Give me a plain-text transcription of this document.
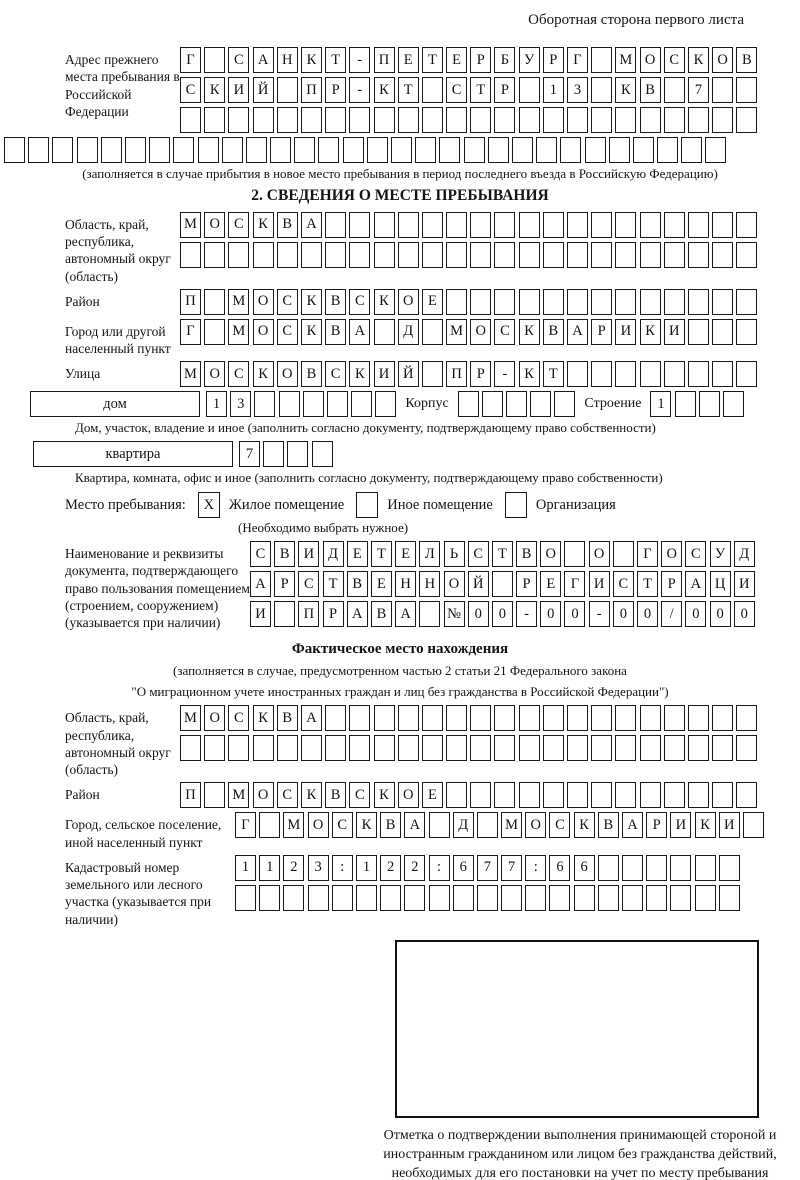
Оборотная сторона первого листа
Адрес прежнего места пребывания в Российской Федерации
Г	С А Н К	Т	-	П	Е	Т	Е	Р	Б	У	Р	Г	М О С	К О В
С	К И Й	П	Р	-	К	Т	С	Т	Р	1	3	К	В	7
(заполняется в случае прибытия в новое место пребывания в период последнего въезда в Российскую Федерацию)
2. СВЕДЕНИЯ О МЕСТЕ ПРЕБЫВАНИЯ
Область, край, республика, автономный округ (область)
М О С	К	В А
Район	П	М О С	К	В	С	К О	Е
Город или другой населенный пункт
Г	М О С	К	В А	Д	М О С	К	В А	Р	И К И
Улица	М О С	К О В	С	К И Й	П	Р	-	К	Т
дом	1	3	Корпус	Строение	1
Дом, участок, владение и иное (заполнить согласно документу, подтверждающему право собственности)
квартира	7
Квартира, комната, офис и иное (заполнить согласно документу, подтверждающему право собственности)
Место пребывания:	X	Жилое помещение	Иное помещение	Организация
(Необходимо выбрать нужное)
Наименование и реквизиты документа, подтверждающего право пользования помещением (строением, сооружением) (указывается при наличии)
С	В И Д	Е	Т	Е	Л	Ь	С	Т	В О	О	Г	О С У Д
А	Р	С	Т	В	Е	Н Н О Й	Р	Е	Г	И С	Т	Р	А Ц И
И	П	Р	А В А	№ 0	0	-	0	0	-	0	0	/	0	0	0
Фактическое место нахождения
(заполняется в случае, предусмотренном частью 2 статьи 21 Федерального закона
"О миграционном учете иностранных граждан и лиц без гражданства в Российской Федерации")
Область, край, республика, автономный округ (область)
М О С	К	В А
Район	П	М О С	К	В	С	К О	Е
Город, сельское поселение, иной населенный пункт
Г	М О С	К	В А	Д	М О С	К	В А	Р	И К И
Кадастровый номер земельного или лесного участка (указывается при наличии)
1	1	2	3	:	1	2	2	:	6	7	7	:	6	6
Отметка о подтверждении выполнения принимающей стороной и иностранным гражданином или лицом без гражданства действий, необходимых для его постановки на учет по месту пребывания
